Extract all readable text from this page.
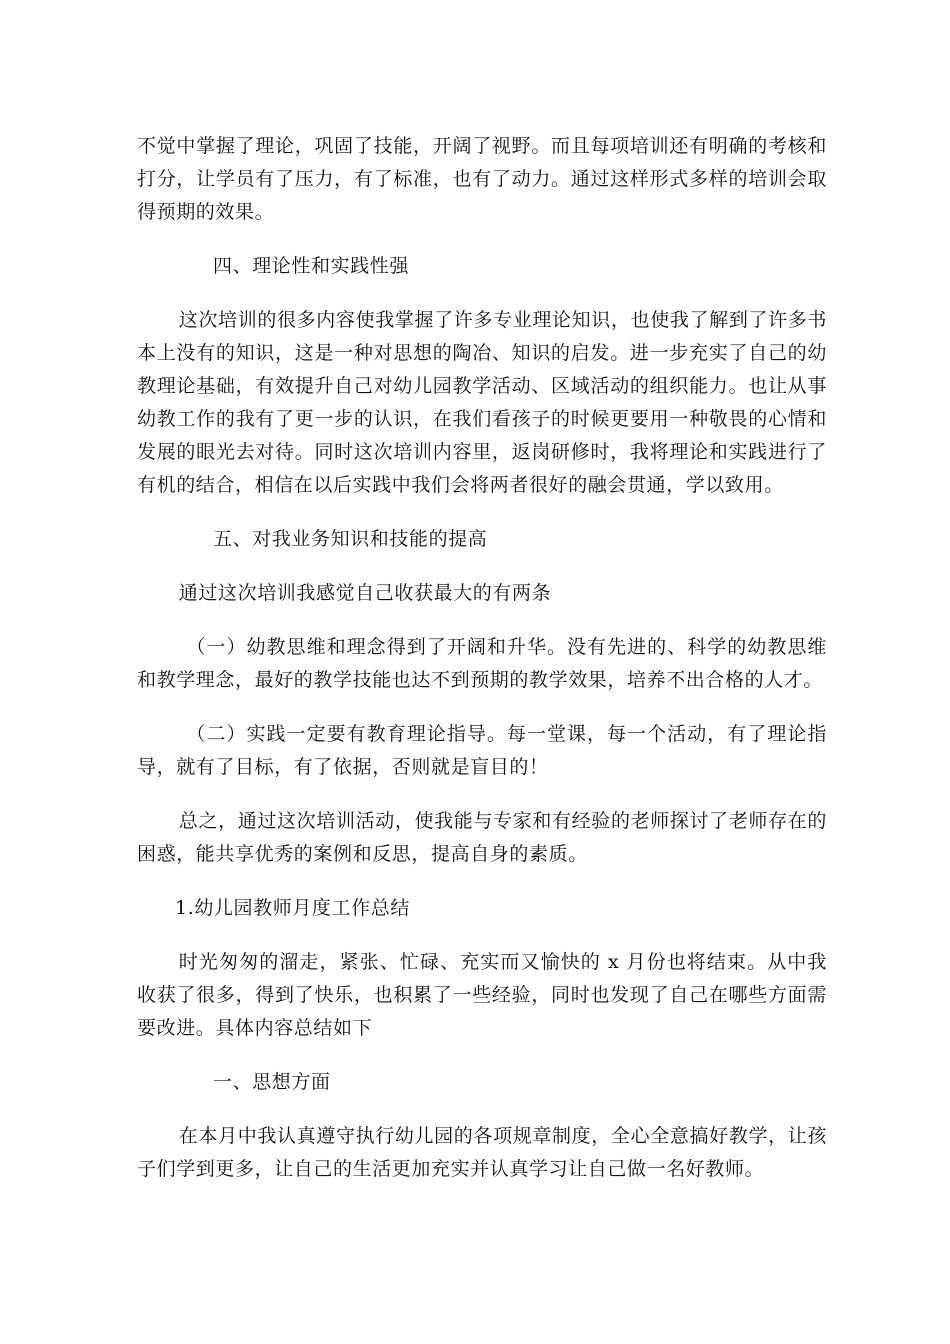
不觉中掌握了理论，巩固了技能，开阔了视野。而且每项培训还有明确的考核和打分，让学员有了压力，有了标准，也有了动力。通过这样形式多样的培训会取得预期的效果。

四、理论性和实践性强

这次培训的很多内容使我掌握了许多专业理论知识，也使我了解到了许多书本上没有的知识，这是一种对思想的陶冶、知识的启发。进一步充实了自己的幼教理论基础，有效提升自己对幼儿园教学活动、区域活动的组织能力。也让从事幼教工作的我有了更一步的认识，在我们看孩子的时候更要用一种敬畏的心情和发展的眼光去对待。同时这次培训内容里，返岗研修时，我将理论和实践进行了有机的结合，相信在以后实践中我们会将两者很好的融会贯通，学以致用。

五、对我业务知识和技能的提高

通过这次培训我感觉自己收获最大的有两条

（一）幼教思维和理念得到了开阔和升华。没有先进的、科学的幼教思维和教学理念，最好的教学技能也达不到预期的教学效果，培养不出合格的人才。

（二）实践一定要有教育理论指导。每一堂课，每一个活动，有了理论指导，就有了目标，有了依据，否则就是盲目的！

总之，通过这次培训活动，使我能与专家和有经验的老师探讨了老师存在的困惑，能共享优秀的案例和反思，提高自身的素质。

1.幼儿园教师月度工作总结

时光匆匆的溜走，紧张、忙碌、充实而又愉快的 x 月份也将结束。从中我收获了很多，得到了快乐，也积累了一些经验，同时也发现了自己在哪些方面需要改进。具体内容总结如下

一、思想方面

在本月中我认真遵守执行幼儿园的各项规章制度，全心全意搞好教学，让孩子们学到更多，让自己的生活更加充实并认真学习让自己做一名好教师。
